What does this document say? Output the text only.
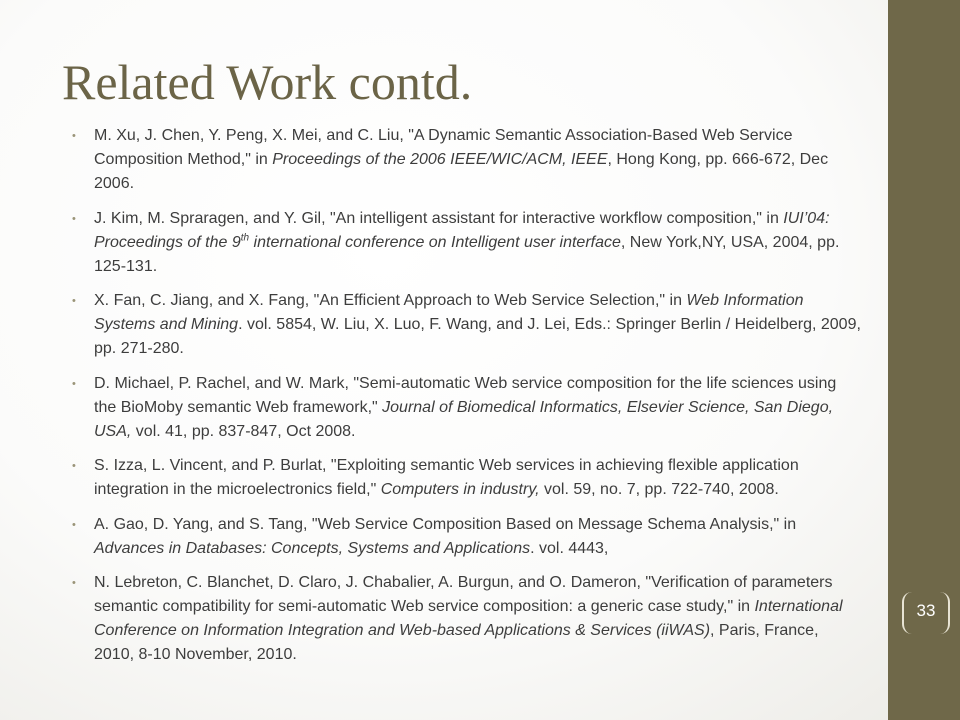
Related Work contd.
• M. Xu, J. Chen, Y. Peng, X. Mei, and C. Liu, "A Dynamic Semantic Association-Based Web Service Composition Method," in Proceedings of the 2006 IEEE/WIC/ACM, IEEE, Hong Kong, pp. 666-672, Dec 2006.
• J. Kim, M. Spraragen, and Y. Gil, "An intelligent assistant for interactive workflow composition," in IUI’04: Proceedings of the 9th international conference on Intelligent user interface, New York,NY, USA, 2004, pp. 125-131.
• X. Fan, C. Jiang, and X. Fang, "An Efficient Approach to Web Service Selection," in Web Information Systems and Mining. vol. 5854, W. Liu, X. Luo, F. Wang, and J. Lei, Eds.: Springer Berlin / Heidelberg, 2009, pp. 271-280.
• D. Michael, P. Rachel, and W. Mark, "Semi-automatic Web service composition for the life sciences using the BioMoby semantic Web framework," Journal of Biomedical Informatics, Elsevier Science, San Diego, USA, vol. 41, pp. 837-847, Oct 2008.
• S. Izza, L. Vincent, and P. Burlat, "Exploiting semantic Web services in achieving flexible application integration in the microelectronics field," Computers in industry, vol. 59, no. 7, pp. 722-740, 2008.
• A. Gao, D. Yang, and S. Tang, "Web Service Composition Based on Message Schema Analysis," in Advances in Databases: Concepts, Systems and Applications. vol. 4443,
• N. Lebreton, C. Blanchet, D. Claro, J. Chabalier, A. Burgun, and O. Dameron, "Verification of parameters semantic compatibility for semi-automatic Web service composition: a generic case study," in International Conference on Information Integration and Web-based Applications & Services (iiWAS), Paris, France, 2010, 8-10 November, 2010.
33
